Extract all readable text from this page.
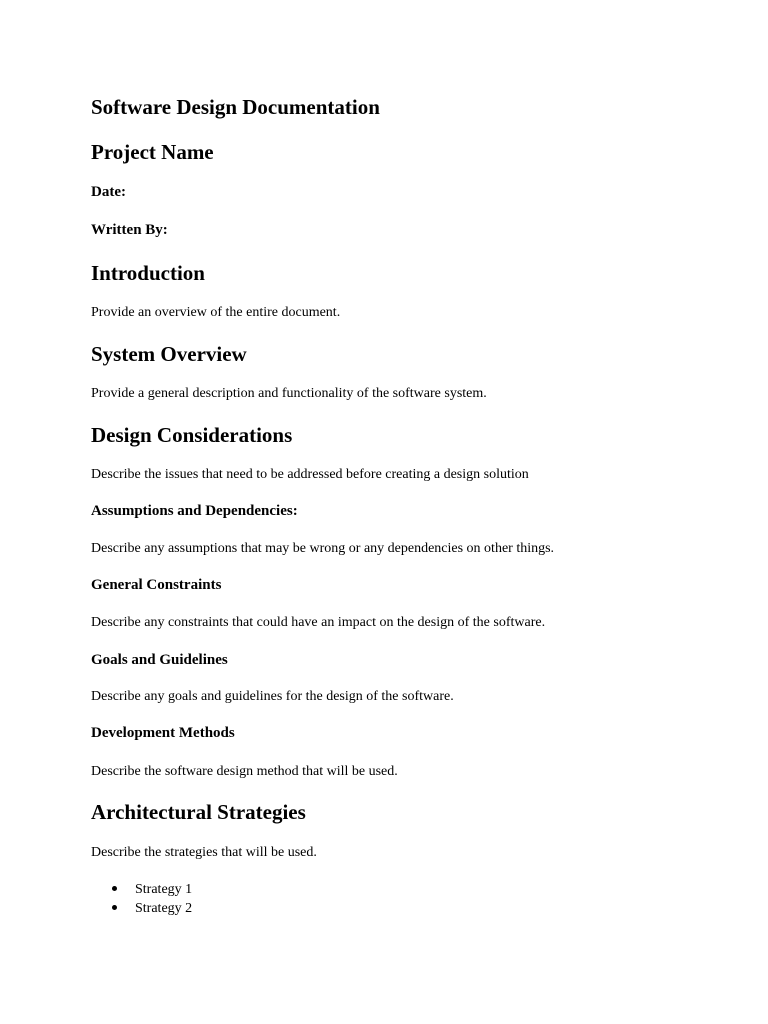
Software Design Documentation
Project Name
Date:
Written By:
Introduction

Provide an overview of the entire document.

System Overview

Provide a general description and functionality of the software system.

Design Considerations

Describe the issues that need to be addressed before creating a design solution

Assumptions and Dependencies:

Describe any assumptions that may be wrong or any dependencies on other things.

General Constraints

Describe any constraints that could have an impact on the design of the software.

Goals and Guidelines

Describe any goals and guidelines for the design of the software.

Development Methods

Describe the software design method that will be used.

Architectural Strategies

Describe the strategies that will be used.

Strategy 1
Strategy 2
